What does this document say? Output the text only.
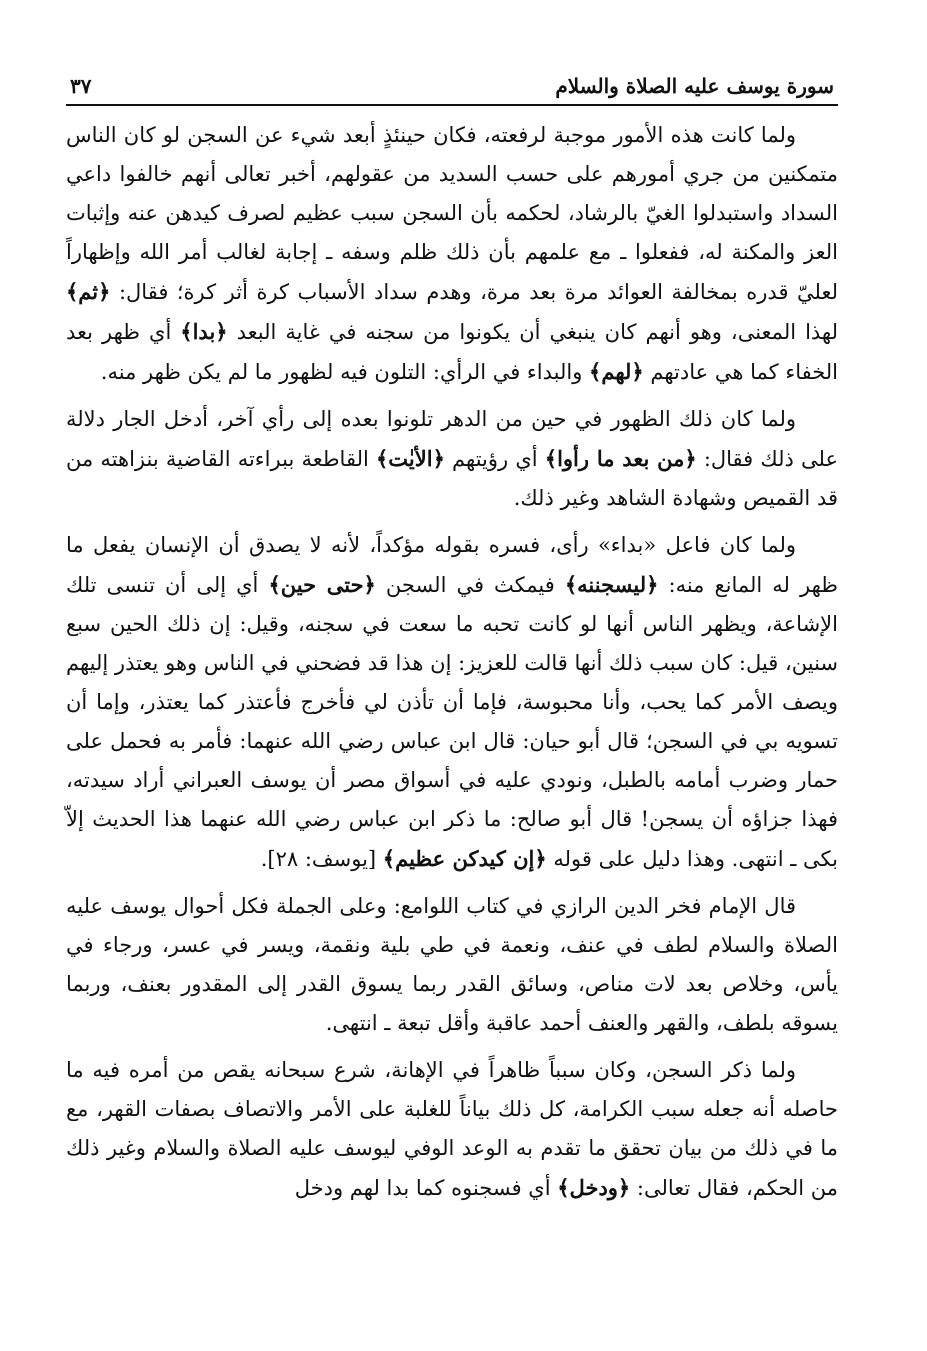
سورة يوسف عليه الصلاة والسلام
٣٧

ولما كانت هذه الأمور موجبة لرفعته، فكان حينئذٍ أبعد شيء عن السجن لو كان الناس متمكنين من جري أمورهم على حسب السديد من عقولهم، أخبر تعالى أنهم خالفوا داعي السداد واستبدلوا الغيّ بالرشاد، لحكمه بأن السجن سبب عظيم لصرف كيدهن عنه وإثبات العز والمكنة له، ففعلوا ـ مع علمهم بأن ذلك ظلم وسفه ـ إجابة لغالب أمر الله وإظهاراً لعليّ قدره بمخالفة العوائد مرة بعد مرة، وهدم سداد الأسباب كرة أثر كرة؛ فقال: ﴿ثم﴾ لهذا المعنى، وهو أنهم كان ينبغي أن يكونوا من سجنه في غاية البعد ﴿بدا﴾ أي ظهر بعد الخفاء كما هي عادتهم ﴿لهم﴾ والبداء في الرأي: التلون فيه لظهور ما لم يكن ظهر منه.

ولما كان ذلك الظهور في حين من الدهر تلونوا بعده إلى رأي آخر، أدخل الجار دلالة على ذلك فقال: ﴿من بعد ما رأوا﴾ أي رؤيتهم ﴿الأيٰت﴾ القاطعة ببراءته القاضية بنزاهته من قد القميص وشهادة الشاهد وغير ذلك.

ولما كان فاعل «بداء» رأى، فسره بقوله مؤكداً، لأنه لا يصدق أن الإنسان يفعل ما ظهر له المانع منه: ﴿ليسجننه﴾ فيمكث في السجن ﴿حتى حين﴾ أي إلى أن تنسى تلك الإشاعة، ويظهر الناس أنها لو كانت تحبه ما سعت في سجنه، وقيل: إن ذلك الحين سبع سنين، قيل: كان سبب ذلك أنها قالت للعزيز: إن هذا قد فضحني في الناس وهو يعتذر إليهم ويصف الأمر كما يحب، وأنا محبوسة، فإما أن تأذن لي فأخرج فأعتذر كما يعتذر، وإما أن تسويه بي في السجن؛ قال أبو حيان: قال ابن عباس رضي الله عنهما: فأمر به فحمل على حمار وضرب أمامه بالطبل، ونودي عليه في أسواق مصر أن يوسف العبراني أراد سيدته، فهذا جزاؤه أن يسجن! قال أبو صالح: ما ذكر ابن عباس رضي الله عنهما هذا الحديث إلاّ بكى ـ انتهى. وهذا دليل على قوله ﴿إن كيدكن عظيم﴾ [يوسف: ٢٨].

قال الإمام فخر الدين الرازي في كتاب اللوامع: وعلى الجملة فكل أحوال يوسف عليه الصلاة والسلام لطف في عنف، ونعمة في طي بلية ونقمة، ويسر في عسر، ورجاء في يأس، وخلاص بعد لات مناص، وسائق القدر ربما يسوق القدر إلى المقدور بعنف، وربما يسوقه بلطف، والقهر والعنف أحمد عاقبة وأقل تبعة ـ انتهى.

ولما ذكر السجن، وكان سبباً ظاهراً في الإهانة، شرع سبحانه يقص من أمره فيه ما حاصله أنه جعله سبب الكرامة، كل ذلك بياناً للغلبة على الأمر والاتصاف بصفات القهر، مع ما في ذلك من بيان تحقق ما تقدم به الوعد الوفي ليوسف عليه الصلاة والسلام وغير ذلك من الحكم، فقال تعالى: ﴿ودخل﴾ أي فسجنوه كما بدا لهم ودخل
